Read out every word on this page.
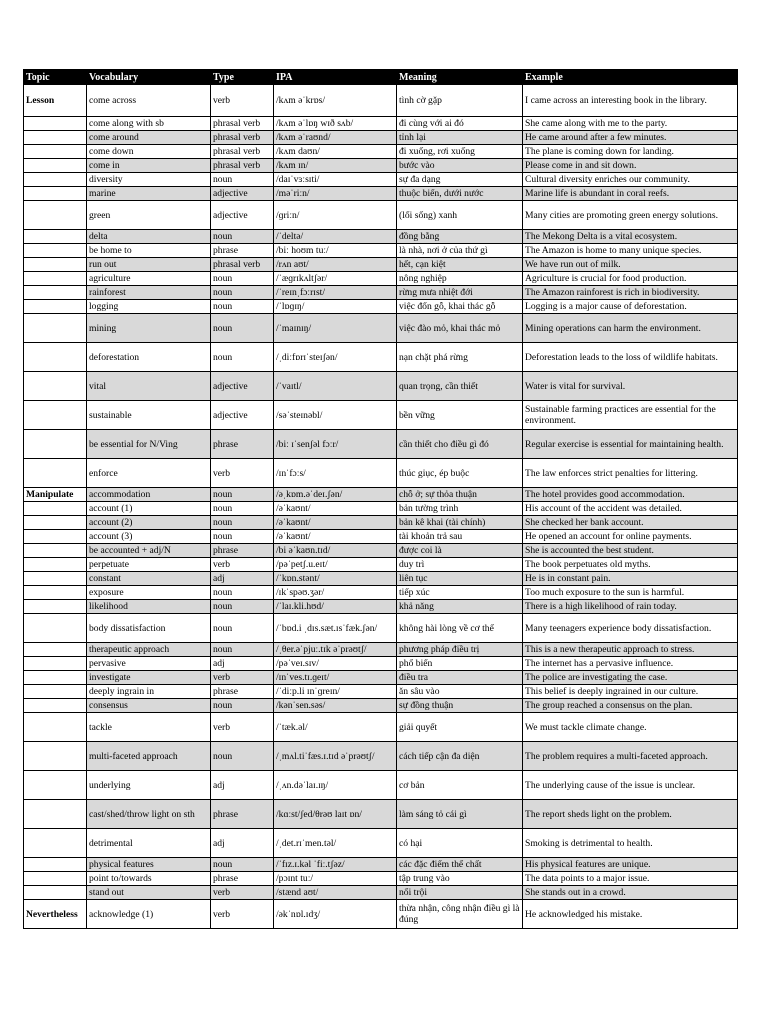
Topic	Vocabulary	Type	IPA	Meaning	Example
Lesson	come across	verb	/kʌm əˈkrɒs/	tình cờ gặp	I came across an interesting book in the library.
	come along with sb	phrasal verb	/kʌm əˈlɒŋ wɪð sʌb/	đi cùng với ai đó	She came along with me to the party.
	come around	phrasal verb	/kʌm əˈraʊnd/	tỉnh lại	He came around after a few minutes.
	come down	phrasal verb	/kʌm daʊn/	đi xuống, rơi xuống	The plane is coming down for landing.
	come in	phrasal verb	/kʌm ɪn/	bước vào	Please come in and sit down.
	diversity	noun	/daɪˈvɜːsɪti/	sự đa dạng	Cultural diversity enriches our community.
	marine	adjective	/məˈriːn/	thuộc biển, dưới nước	Marine life is abundant in coral reefs.
	green	adjective	/ɡriːn/	(lối sống) xanh	Many cities are promoting green energy solutions.
	delta	noun	/ˈdeltə/	đồng bằng	The Mekong Delta is a vital ecosystem.
	be home to	phrase	/biː hoʊm tuː/	là nhà, nơi ở của thứ gì	The Amazon is home to many unique species.
	run out	phrasal verb	/rʌn aʊt/	hết, cạn kiệt	We have run out of milk.
	agriculture	noun	/ˈæɡrɪkʌltʃər/	nông nghiệp	Agriculture is crucial for food production.
	rainforest	noun	/ˈreɪnˌfɔːrɪst/	rừng mưa nhiệt đới	The Amazon rainforest is rich in biodiversity.
	logging	noun	/ˈlɒɡɪŋ/	việc đốn gỗ, khai thác gỗ	Logging is a major cause of deforestation.
	mining	noun	/ˈmaɪnɪŋ/	việc đào mỏ, khai thác mỏ	Mining operations can harm the environment.
	deforestation	noun	/ˌdiːfɒrɪˈsteɪʃən/	nạn chặt phá rừng	Deforestation leads to the loss of wildlife habitats.
	vital	adjective	/ˈvaɪtl/	quan trọng, cần thiết	Water is vital for survival.
	sustainable	adjective	/səˈsteɪnəbl/	bền vững	Sustainable farming practices are essential for the environment.
	be essential for N/Ving	phrase	/biː ɪˈsenʃəl fɔːr/	cần thiết cho điều gì đó	Regular exercise is essential for maintaining health.
	enforce	verb	/ɪnˈfɔːs/	thúc giục, ép buộc	The law enforces strict penalties for littering.
Manipulate	accommodation	noun	/əˌkɒm.əˈdeɪ.ʃən/	chỗ ở; sự thỏa thuận	The hotel provides good accommodation.
	account (1)	noun	/əˈkaʊnt/	bản tường trình	His account of the accident was detailed.
	account (2)	noun	/əˈkaʊnt/	bản kê khai (tài chính)	She checked her bank account.
	account (3)	noun	/əˈkaʊnt/	tài khoản trả sau	He opened an account for online payments.
	be accounted + adj/N	phrase	/bi əˈkaʊn.tɪd/	được coi là	She is accounted the best student.
	perpetuate	verb	/pəˈpetʃ.u.eɪt/	duy trì	The book perpetuates old myths.
	constant	adj	/ˈkɒn.stənt/	liên tục	He is in constant pain.
	exposure	noun	/ɪkˈspəʊ.ʒər/	tiếp xúc	Too much exposure to the sun is harmful.
	likelihood	noun	/ˈlaɪ.kli.hʊd/	khả năng	There is a high likelihood of rain today.
	body dissatisfaction	noun	/ˈbɒd.i ˌdɪs.sæt.ɪsˈfæk.ʃən/	không hài lòng về cơ thể	Many teenagers experience body dissatisfaction.
	therapeutic approach	noun	/ˌθer.əˈpjuː.tɪk əˈprəʊtʃ/	phương pháp điều trị	This is a new therapeutic approach to stress.
	pervasive	adj	/pəˈveɪ.sɪv/	phổ biến	The internet has a pervasive influence.
	investigate	verb	/ɪnˈves.tɪ.ɡeɪt/	điều tra	The police are investigating the case.
	deeply ingrain in	phrase	/ˈdiːp.li ɪnˈɡreɪn/	ăn sâu vào	This belief is deeply ingrained in our culture.
	consensus	noun	/kənˈsen.səs/	sự đồng thuận	The group reached a consensus on the plan.
	tackle	verb	/ˈtæk.əl/	giải quyết	We must tackle climate change.
	multi-faceted approach	noun	/ˌmʌl.tiˈfæs.ɪ.tɪd əˈprəʊtʃ/	cách tiếp cận đa diện	The problem requires a multi-faceted approach.
	underlying	adj	/ˌʌn.dəˈlaɪ.ɪŋ/	cơ bản	The underlying cause of the issue is unclear.
	cast/shed/throw light on sth	phrase	/kɑːst/ʃed/θrəʊ laɪt ɒn/	làm sáng tỏ cái gì	The report sheds light on the problem.
	detrimental	adj	/ˌdet.rɪˈmen.təl/	có hại	Smoking is detrimental to health.
	physical features	noun	/ˈfɪz.ɪ.kəl ˈfiː.tʃəz/	các đặc điểm thể chất	His physical features are unique.
	point to/towards	phrase	/pɔɪnt tuː/	tập trung vào	The data points to a major issue.
	stand out	verb	/stænd aʊt/	nổi trội	She stands out in a crowd.
Nevertheless	acknowledge (1)	verb	/əkˈnɒl.ɪdʒ/	thừa nhận, công nhận điều gì là đúng	He acknowledged his mistake.
